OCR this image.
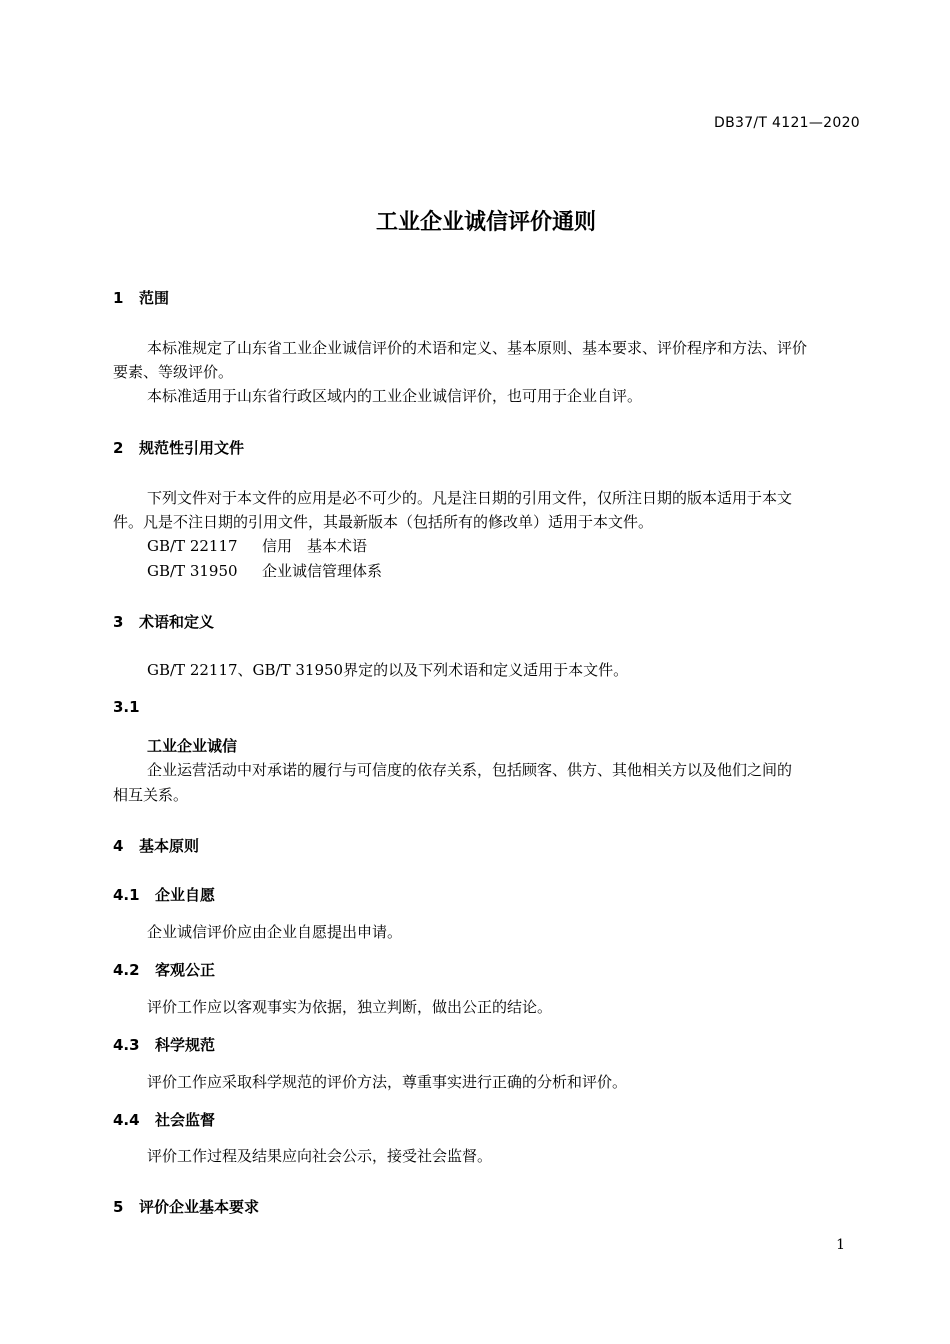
DB37/T 4121—2020
工业企业诚信评价通则
1 范围
本标准规定了山东省工业企业诚信评价的术语和定义、基本原则、基本要求、评价程序和方法、评价
要素、等级评价。
本标准适用于山东省行政区域内的工业企业诚信评价，也可用于企业自评。
2 规范性引用文件
下列文件对于本文件的应用是必不可少的。凡是注日期的引用文件，仅所注日期的版本适用于本文
件。凡是不注日期的引用文件，其最新版本（包括所有的修改单）适用于本文件。
GB/T 22117 信用　基本术语
GB/T 31950 企业诚信管理体系
3 术语和定义
GB/T 22117、GB/T 31950界定的以及下列术语和定义适用于本文件。
3.1
工业企业诚信
企业运营活动中对承诺的履行与可信度的依存关系，包括顾客、供方、其他相关方以及他们之间的
相互关系。
4 基本原则
4.1 企业自愿
企业诚信评价应由企业自愿提出申请。
4.2 客观公正
评价工作应以客观事实为依据，独立判断，做出公正的结论。
4.3 科学规范
评价工作应采取科学规范的评价方法，尊重事实进行正确的分析和评价。
4.4 社会监督
评价工作过程及结果应向社会公示，接受社会监督。
5 评价企业基本要求
1
